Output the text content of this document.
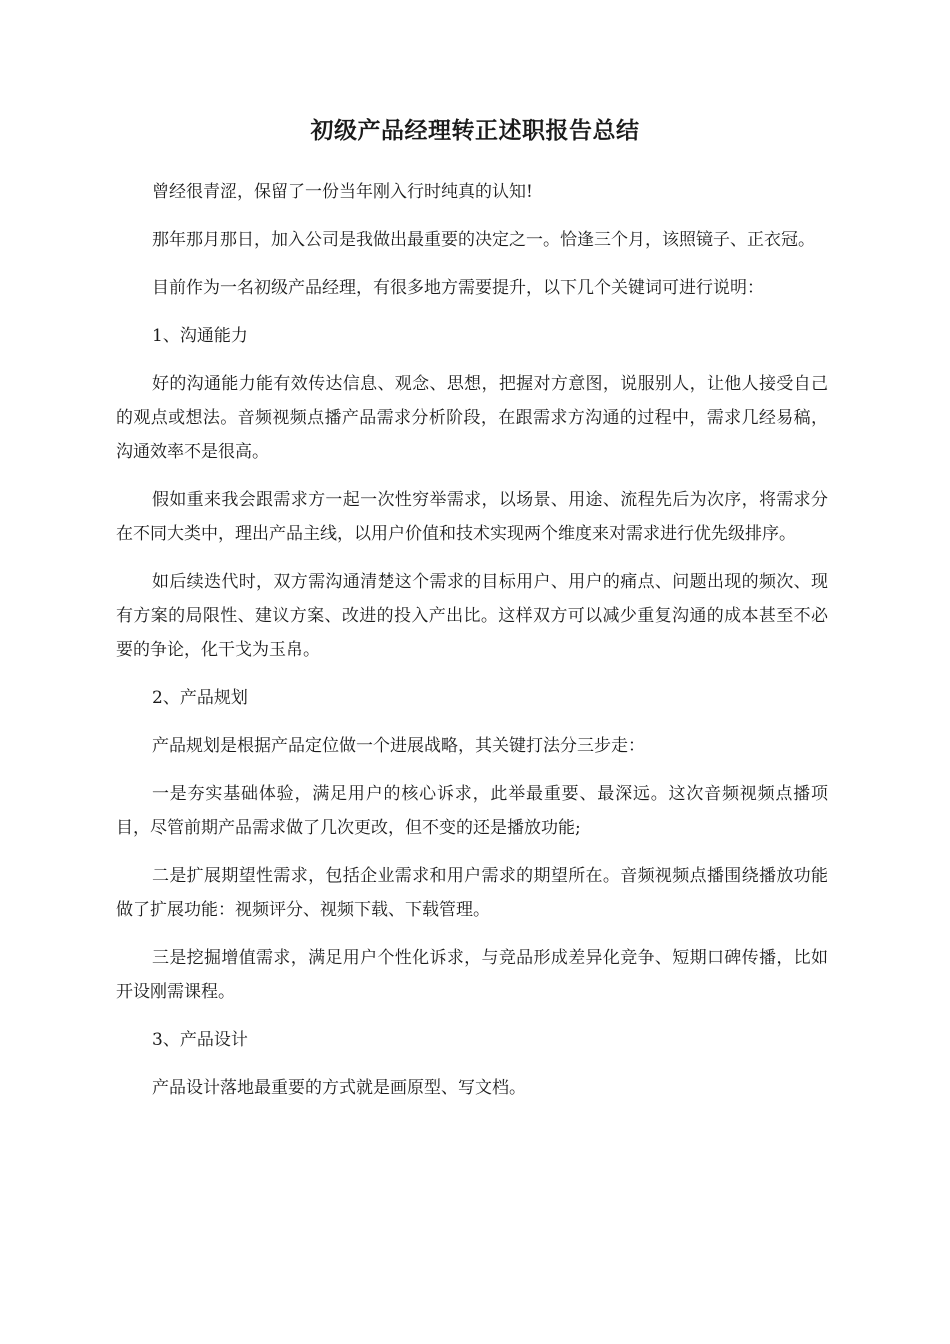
初级产品经理转正述职报告总结

曾经很青涩，保留了一份当年刚入行时纯真的认知!

那年那月那日，加入公司是我做出最重要的决定之一。恰逢三个月，该照镜子、正衣冠。

目前作为一名初级产品经理，有很多地方需要提升，以下几个关键词可进行说明：

1、沟通能力

好的沟通能力能有效传达信息、观念、思想，把握对方意图，说服别人，让他人接受自己的观点或想法。音频视频点播产品需求分析阶段，在跟需求方沟通的过程中，需求几经易稿，沟通效率不是很高。

假如重来我会跟需求方一起一次性穷举需求，以场景、用途、流程先后为次序，将需求分在不同大类中，理出产品主线，以用户价值和技术实现两个维度来对需求进行优先级排序。

如后续迭代时，双方需沟通清楚这个需求的目标用户、用户的痛点、问题出现的频次、现有方案的局限性、建议方案、改进的投入产出比。这样双方可以减少重复沟通的成本甚至不必要的争论，化干戈为玉帛。

2、产品规划

产品规划是根据产品定位做一个进展战略，其关键打法分三步走：

一是夯实基础体验，满足用户的核心诉求，此举最重要、最深远。这次音频视频点播项目，尽管前期产品需求做了几次更改，但不变的还是播放功能;

二是扩展期望性需求，包括企业需求和用户需求的期望所在。音频视频点播围绕播放功能做了扩展功能：视频评分、视频下载、下载管理。

三是挖掘增值需求，满足用户个性化诉求，与竞品形成差异化竞争、短期口碑传播，比如开设刚需课程。

3、产品设计

产品设计落地最重要的方式就是画原型、写文档。
